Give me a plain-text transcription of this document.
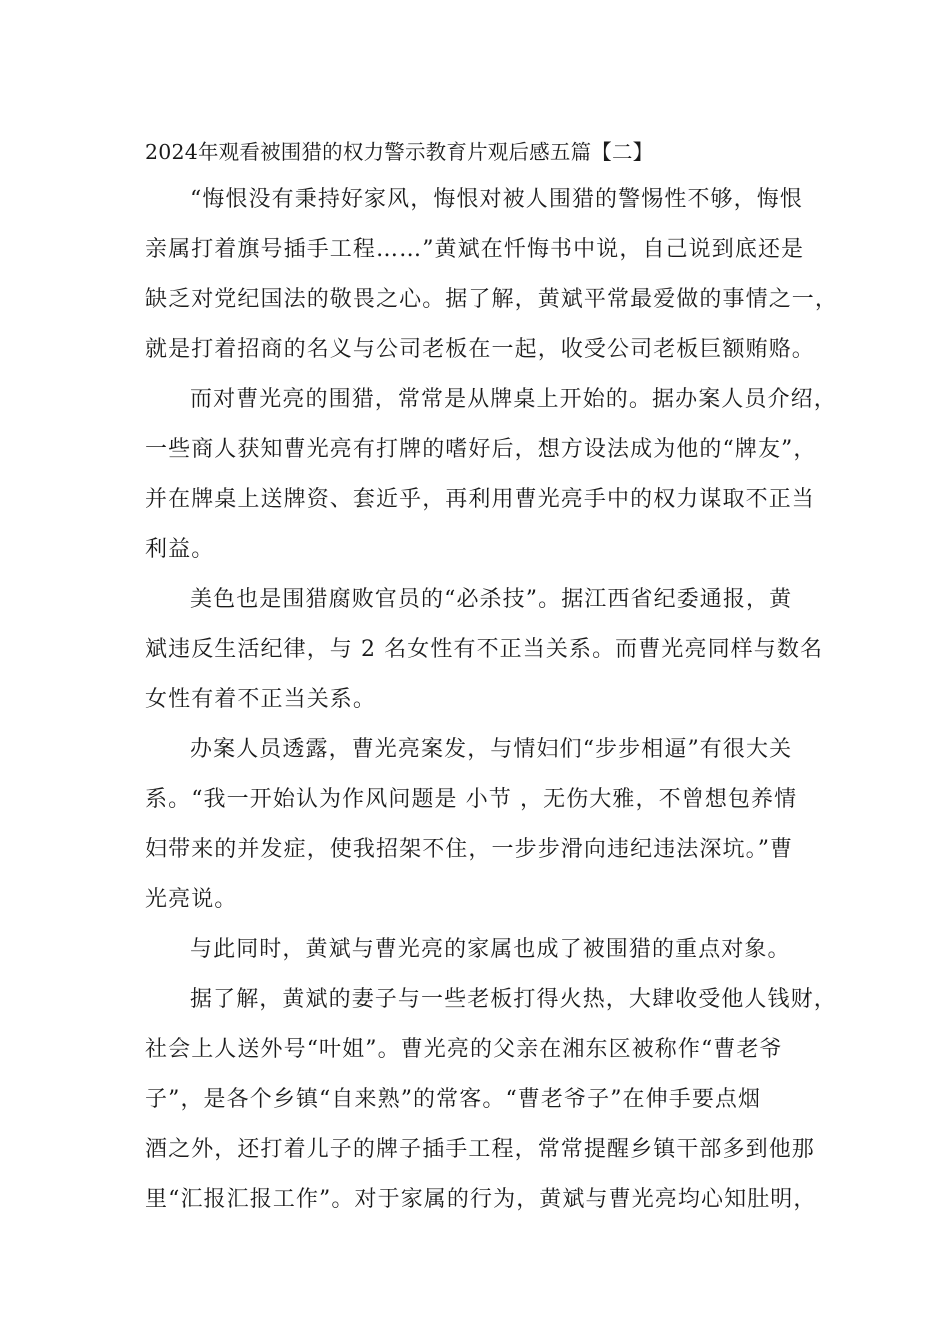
2024年观看被围猎的权力警示教育片观后感五篇【二】
“悔恨没有秉持好家风，悔恨对被人围猎的警惕性不够，悔恨
亲属打着旗号插手工程……”黄斌在忏悔书中说，自己说到底还是
缺乏对党纪国法的敬畏之心。据了解，黄斌平常最爱做的事情之一，
就是打着招商的名义与公司老板在一起，收受公司老板巨额贿赂。
而对曹光亮的围猎，常常是从牌桌上开始的。据办案人员介绍，
一些商人获知曹光亮有打牌的嗜好后，想方设法成为他的“牌友”，
并在牌桌上送牌资、套近乎，再利用曹光亮手中的权力谋取不正当
利益。
美色也是围猎腐败官员的“必杀技”。据江西省纪委通报，黄
斌违反生活纪律，与 2 名女性有不正当关系。而曹光亮同样与数名
女性有着不正当关系。
办案人员透露，曹光亮案发，与情妇们“步步相逼”有很大关
系。“我一开始认为作风问题是 小节 ，无伤大雅，不曾想包养情
妇带来的并发症，使我招架不住，一步步滑向违纪违法深坑。”曹
光亮说。
与此同时，黄斌与曹光亮的家属也成了被围猎的重点对象。
据了解，黄斌的妻子与一些老板打得火热，大肆收受他人钱财，
社会上人送外号“叶姐”。曹光亮的父亲在湘东区被称作“曹老爷
子”，是各个乡镇“自来熟”的常客。“曹老爷子”在伸手要点烟
酒之外，还打着儿子的牌子插手工程，常常提醒乡镇干部多到他那
里“汇报汇报工作”。对于家属的行为，黄斌与曹光亮均心知肚明，
